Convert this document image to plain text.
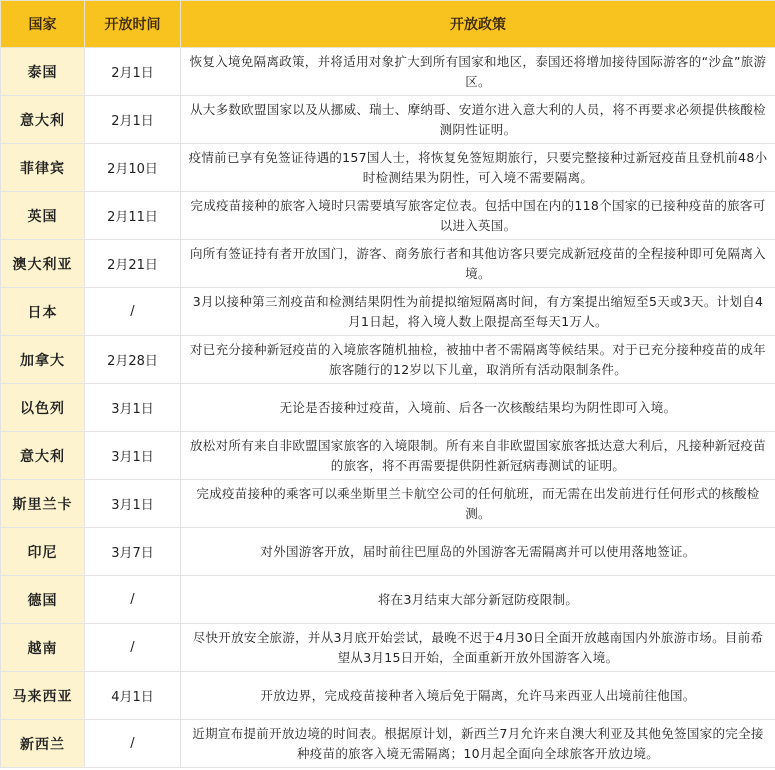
国家	开放时间	开放政策
泰国	2月1日	恢复入境免隔离政策，并将适用对象扩大到所有国家和地区，泰国还将增加接待国际游客的“沙盒”旅游区。
意大利	2月1日	从大多数欧盟国家以及从挪威、瑞士、摩纳哥、安道尔进入意大利的人员，将不再要求必须提供核酸检测阴性证明。
菲律宾	2月10日	疫情前已享有免签证待遇的157国人士，将恢复免签短期旅行，只要完整接种过新冠疫苗且登机前48小时检测结果为阴性，可入境不需要隔离。
英国	2月11日	完成疫苗接种的旅客入境时只需要填写旅客定位表。包括中国在内的118个国家的已接种疫苗的旅客可以进入英国。
澳大利亚	2月21日	向所有签证持有者开放国门，游客、商务旅行者和其他访客只要完成新冠疫苗的全程接种即可免隔离入境。
日本	/	3月以接种第三剂疫苗和检测结果阴性为前提拟缩短隔离时间，有方案提出缩短至5天或3天。计划自4月1日起，将入境人数上限提高至每天1万人。
加拿大	2月28日	对已充分接种新冠疫苗的入境旅客随机抽检，被抽中者不需隔离等候结果。对于已充分接种疫苗的成年旅客随行的12岁以下儿童，取消所有活动限制条件。
以色列	3月1日	无论是否接种过疫苗，入境前、后各一次核酸结果均为阴性即可入境。
意大利	3月1日	放松对所有来自非欧盟国家旅客的入境限制。所有来自非欧盟国家旅客抵达意大利后，凡接种新冠疫苗的旅客，将不再需要提供阴性新冠病毒测试的证明。
斯里兰卡	3月1日	完成疫苗接种的乘客可以乘坐斯里兰卡航空公司的任何航班，而无需在出发前进行任何形式的核酸检测。
印尼	3月7日	对外国游客开放，届时前往巴厘岛的外国游客无需隔离并可以使用落地签证。
德国	/	将在3月结束大部分新冠防疫限制。
越南	/	尽快开放安全旅游，并从3月底开始尝试，最晚不迟于4月30日全面开放越南国内外旅游市场。目前希望从3月15日开始，全面重新开放外国游客入境。
马来西亚	4月1日	开放边界，完成疫苗接种者入境后免于隔离，允许马来西亚人出境前往他国。
新西兰	/	近期宣布提前开放边境的时间表。根据原计划，新西兰7月允许来自澳大利亚及其他免签国家的完全接种疫苗的旅客入境无需隔离；10月起全面向全球旅客开放边境。
